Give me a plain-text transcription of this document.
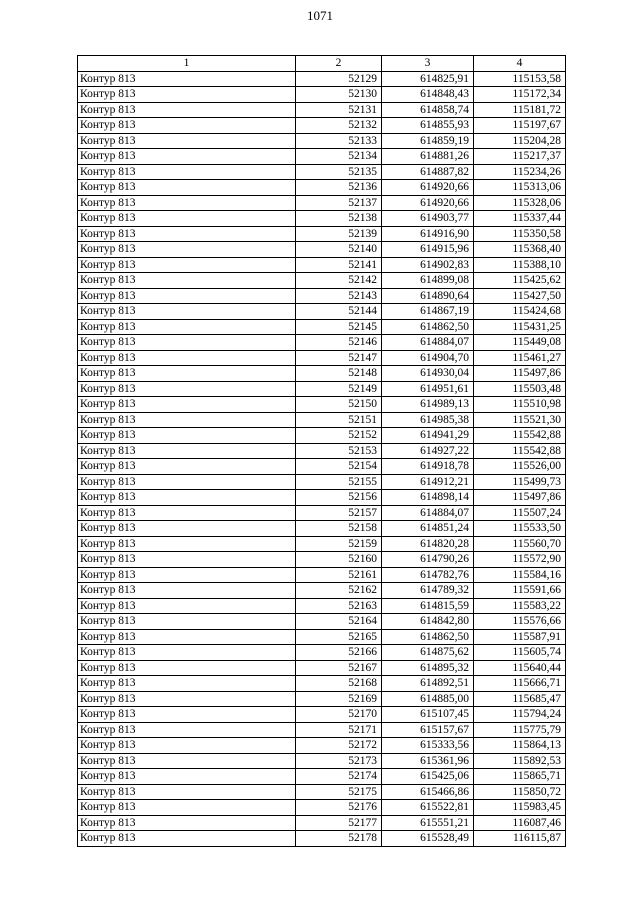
1071
1	2	3	4
Контур 813	52129	614825,91	115153,58
Контур 813	52130	614848,43	115172,34
Контур 813	52131	614858,74	115181,72
Контур 813	52132	614855,93	115197,67
Контур 813	52133	614859,19	115204,28
Контур 813	52134	614881,26	115217,37
Контур 813	52135	614887,82	115234,26
Контур 813	52136	614920,66	115313,06
Контур 813	52137	614920,66	115328,06
Контур 813	52138	614903,77	115337,44
Контур 813	52139	614916,90	115350,58
Контур 813	52140	614915,96	115368,40
Контур 813	52141	614902,83	115388,10
Контур 813	52142	614899,08	115425,62
Контур 813	52143	614890,64	115427,50
Контур 813	52144	614867,19	115424,68
Контур 813	52145	614862,50	115431,25
Контур 813	52146	614884,07	115449,08
Контур 813	52147	614904,70	115461,27
Контур 813	52148	614930,04	115497,86
Контур 813	52149	614951,61	115503,48
Контур 813	52150	614989,13	115510,98
Контур 813	52151	614985,38	115521,30
Контур 813	52152	614941,29	115542,88
Контур 813	52153	614927,22	115542,88
Контур 813	52154	614918,78	115526,00
Контур 813	52155	614912,21	115499,73
Контур 813	52156	614898,14	115497,86
Контур 813	52157	614884,07	115507,24
Контур 813	52158	614851,24	115533,50
Контур 813	52159	614820,28	115560,70
Контур 813	52160	614790,26	115572,90
Контур 813	52161	614782,76	115584,16
Контур 813	52162	614789,32	115591,66
Контур 813	52163	614815,59	115583,22
Контур 813	52164	614842,80	115576,66
Контур 813	52165	614862,50	115587,91
Контур 813	52166	614875,62	115605,74
Контур 813	52167	614895,32	115640,44
Контур 813	52168	614892,51	115666,71
Контур 813	52169	614885,00	115685,47
Контур 813	52170	615107,45	115794,24
Контур 813	52171	615157,67	115775,79
Контур 813	52172	615333,56	115864,13
Контур 813	52173	615361,96	115892,53
Контур 813	52174	615425,06	115865,71
Контур 813	52175	615466,86	115850,72
Контур 813	52176	615522,81	115983,45
Контур 813	52177	615551,21	116087,46
Контур 813	52178	615528,49	116115,87
